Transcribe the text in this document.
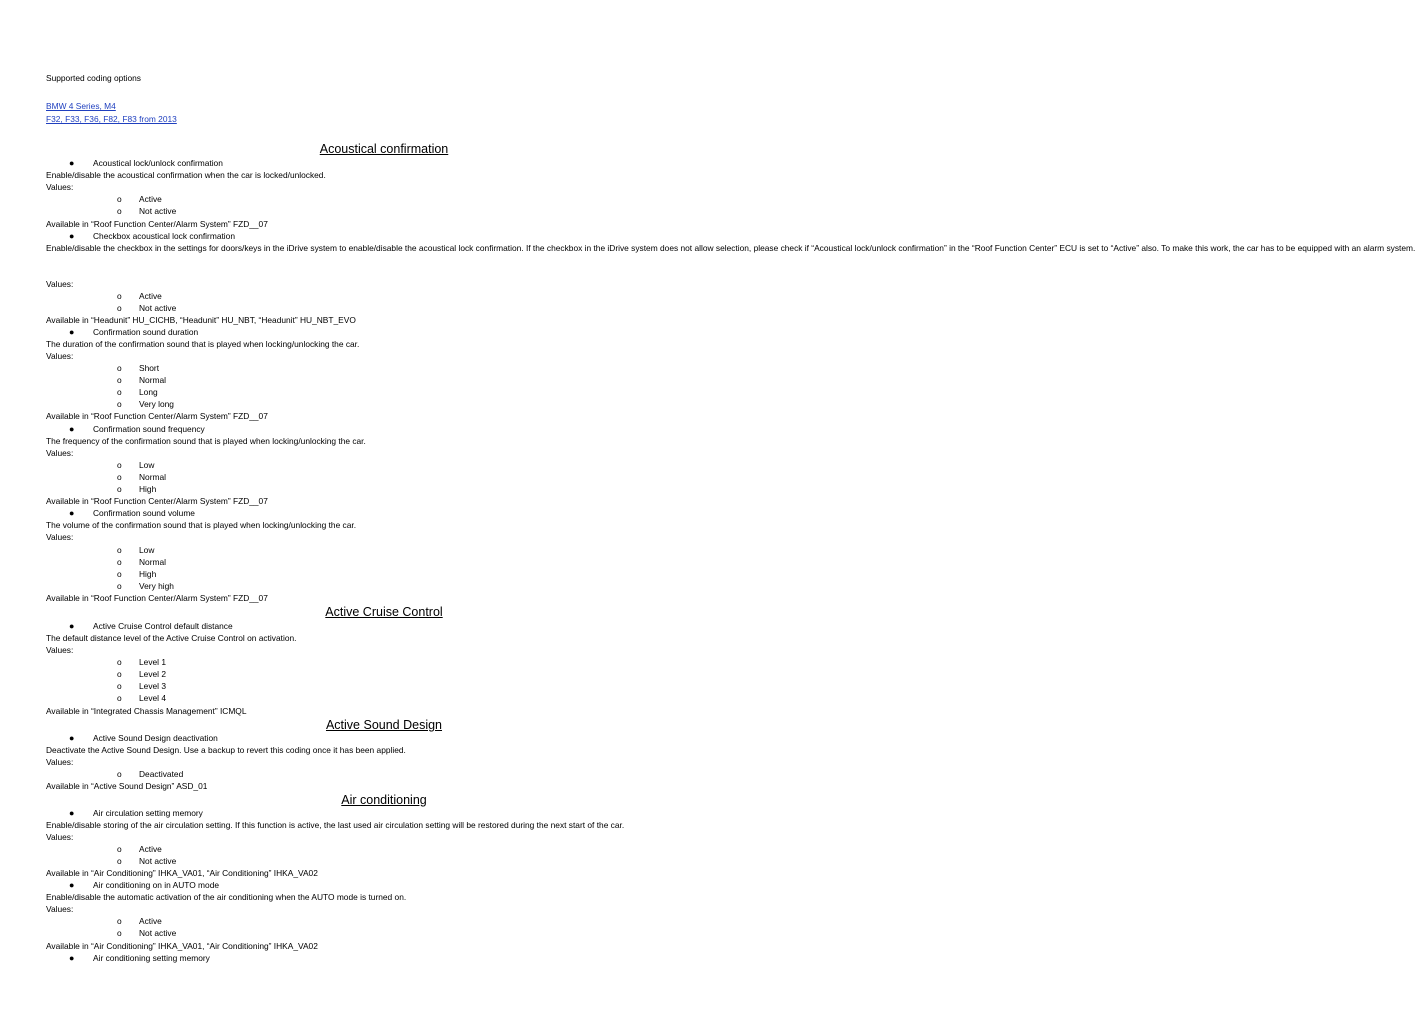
Supported coding options
BMW 4 Series, M4
F32, F33, F36, F82, F83 from 2013
Acoustical confirmation
● Acoustical lock/unlock confirmation
Enable/disable the acoustical confirmation when the car is locked/unlocked.
Values:
o Active
o Not active
Available in “Roof Function Center/Alarm System” FZD__07
● Checkbox acoustical lock confirmation
Enable/disable the checkbox in the settings for doors/keys in the iDrive system to enable/disable the acoustical lock confirmation. If the checkbox in the iDrive system does not allow selection, please check if “Acoustical lock/unlock confirmation” in the “Roof Function Center” ECU is set to “Active” also. To make this work, the car has to be equipped with an alarm system.
Values:
o Active
o Not active
Available in “Headunit” HU_CICHB, “Headunit” HU_NBT, “Headunit” HU_NBT_EVO
● Confirmation sound duration
The duration of the confirmation sound that is played when locking/unlocking the car.
Values:
o Short
o Normal
o Long
o Very long
Available in “Roof Function Center/Alarm System” FZD__07
● Confirmation sound frequency
The frequency of the confirmation sound that is played when locking/unlocking the car.
Values:
o Low
o Normal
o High
Available in “Roof Function Center/Alarm System” FZD__07
● Confirmation sound volume
The volume of the confirmation sound that is played when locking/unlocking the car.
Values:
o Low
o Normal
o High
o Very high
Available in “Roof Function Center/Alarm System” FZD__07
Active Cruise Control
● Active Cruise Control default distance
The default distance level of the Active Cruise Control on activation.
Values:
o Level 1
o Level 2
o Level 3
o Level 4
Available in “Integrated Chassis Management” ICMQL
Active Sound Design
● Active Sound Design deactivation
Deactivate the Active Sound Design. Use a backup to revert this coding once it has been applied.
Values:
o Deactivated
Available in “Active Sound Design” ASD_01
Air conditioning
● Air circulation setting memory
Enable/disable storing of the air circulation setting. If this function is active, the last used air circulation setting will be restored during the next start of the car.
Values:
o Active
o Not active
Available in “Air Conditioning” IHKA_VA01, “Air Conditioning” IHKA_VA02
● Air conditioning on in AUTO mode
Enable/disable the automatic activation of the air conditioning when the AUTO mode is turned on.
Values:
o Active
o Not active
Available in “Air Conditioning” IHKA_VA01, “Air Conditioning” IHKA_VA02
● Air conditioning setting memory
